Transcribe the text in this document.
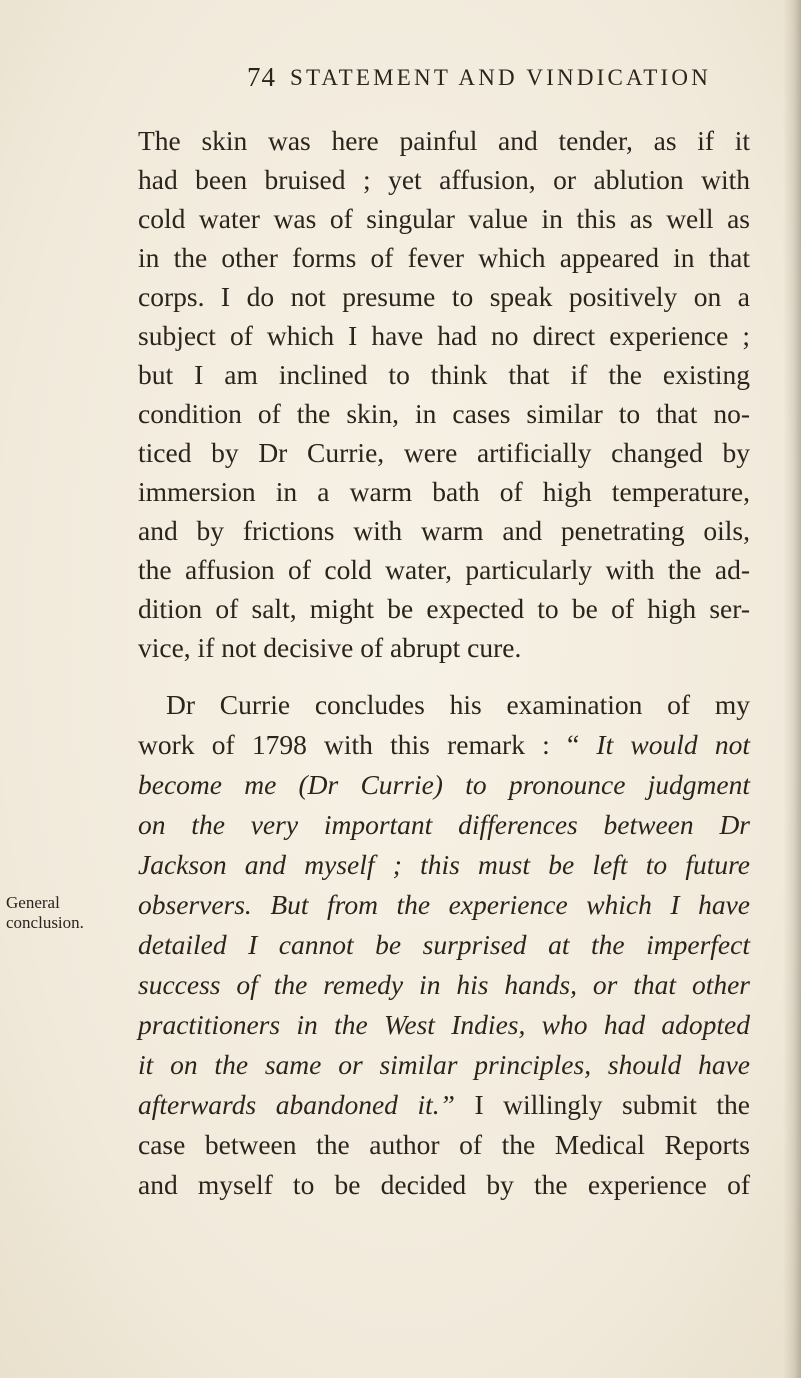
74 STATEMENT AND VINDICATION
General
conclusion.
The skin was here painful and tender, as if it
had been bruised ; yet affusion, or ablution with
cold water was of singular value in this as well as
in the other forms of fever which appeared in that
corps. I do not presume to speak positively on a
subject of which I have had no direct experience ;
but I am inclined to think that if the existing
condition of the skin, in cases similar to that no-
ticed by Dr Currie, were artificially changed by
immersion in a warm bath of high temperature,
and by frictions with warm and penetrating oils,
the affusion of cold water, particularly with the ad-
dition of salt, might be expected to be of high ser-
vice, if not decisive of abrupt cure.
Dr Currie concludes his examination of my
work of 1798 with this remark : “ It would not
become me (Dr Currie) to pronounce judgment
on the very important differences between Dr
Jackson and myself ; this must be left to future
observers. But from the experience which I have
detailed I cannot be surprised at the imperfect
success of the remedy in his hands, or that other
practitioners in the West Indies, who had adopted
it on the same or similar principles, should have
afterwards abandoned it.” I willingly submit the
case between the author of the Medical Reports
and myself to be decided by the experience of
